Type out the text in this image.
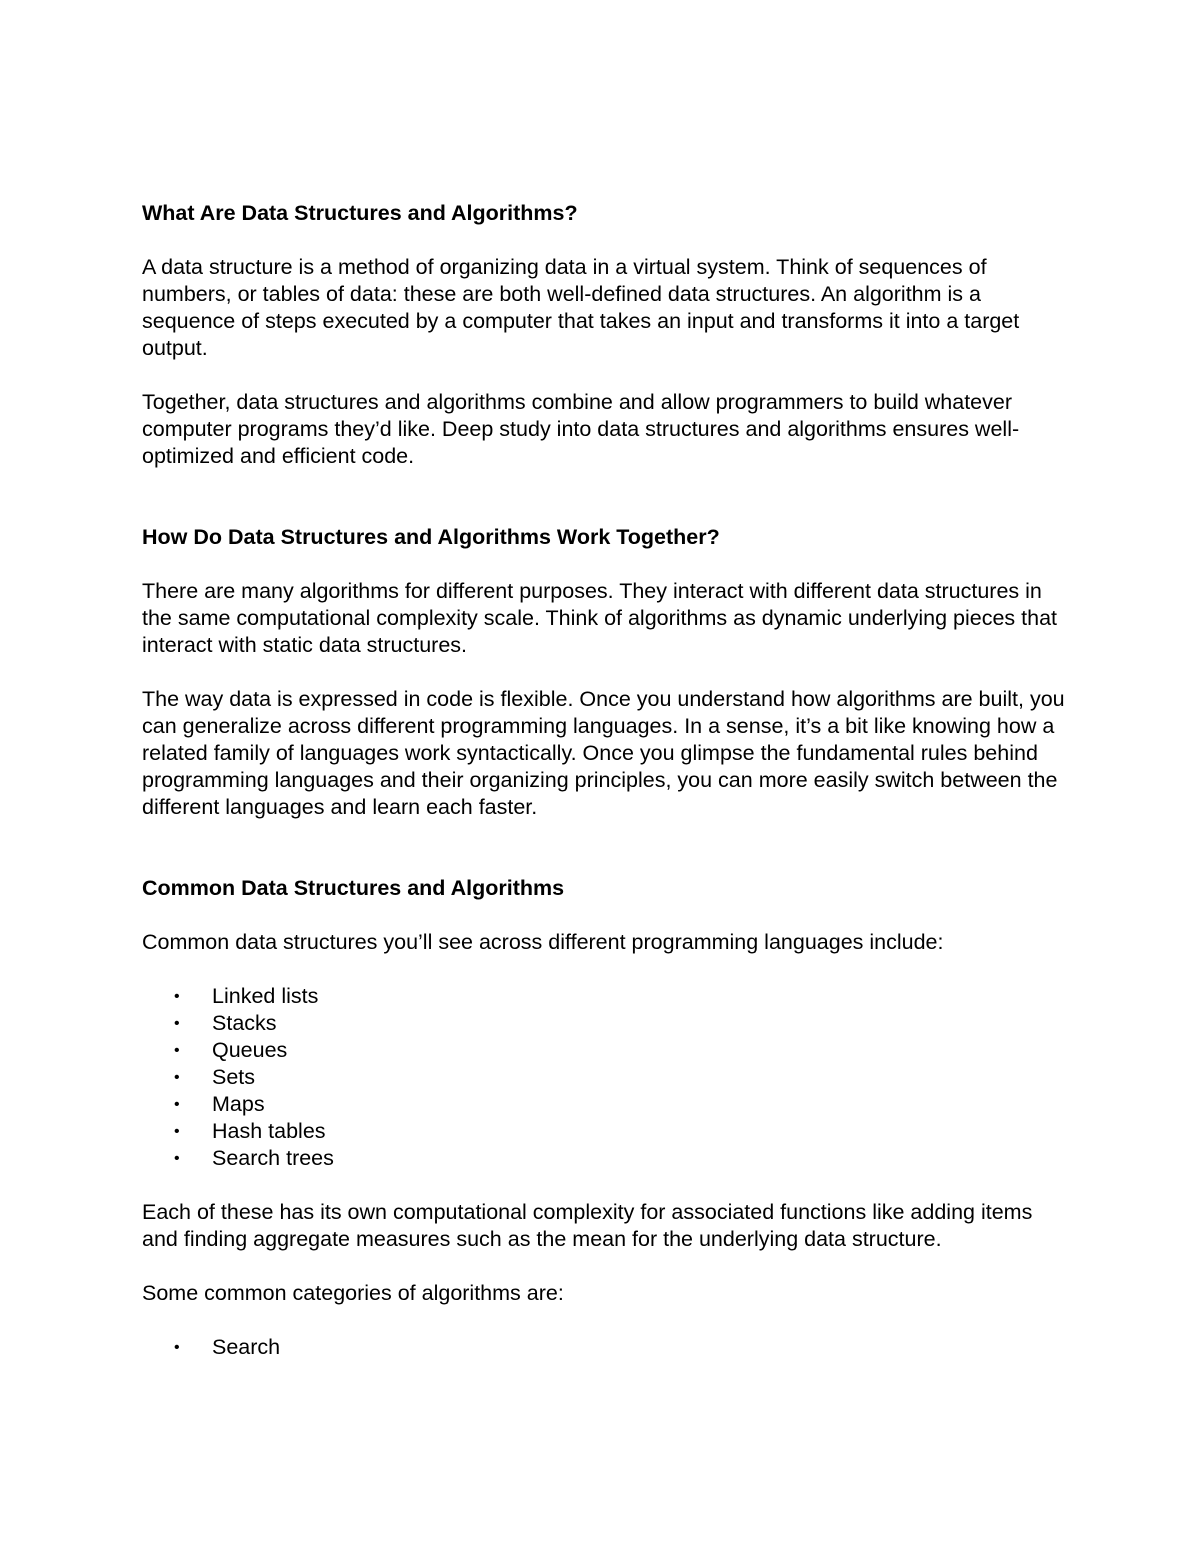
What Are Data Structures and Algorithms?

A data structure is a method of organizing data in a virtual system. Think of sequences of numbers, or tables of data: these are both well-defined data structures. An algorithm is a sequence of steps executed by a computer that takes an input and transforms it into a target output.

Together, data structures and algorithms combine and allow programmers to build whatever computer programs they’d like. Deep study into data structures and algorithms ensures well-optimized and efficient code.

How Do Data Structures and Algorithms Work Together?

There are many algorithms for different purposes. They interact with different data structures in the same computational complexity scale. Think of algorithms as dynamic underlying pieces that interact with static data structures.

The way data is expressed in code is flexible. Once you understand how algorithms are built, you can generalize across different programming languages. In a sense, it’s a bit like knowing how a related family of languages work syntactically. Once you glimpse the fundamental rules behind programming languages and their organizing principles, you can more easily switch between the different languages and learn each faster.

Common Data Structures and Algorithms

Common data structures you’ll see across different programming languages include:

• Linked lists
• Stacks
• Queues
• Sets
• Maps
• Hash tables
• Search trees

Each of these has its own computational complexity for associated functions like adding items and finding aggregate measures such as the mean for the underlying data structure.

Some common categories of algorithms are:

• Search
